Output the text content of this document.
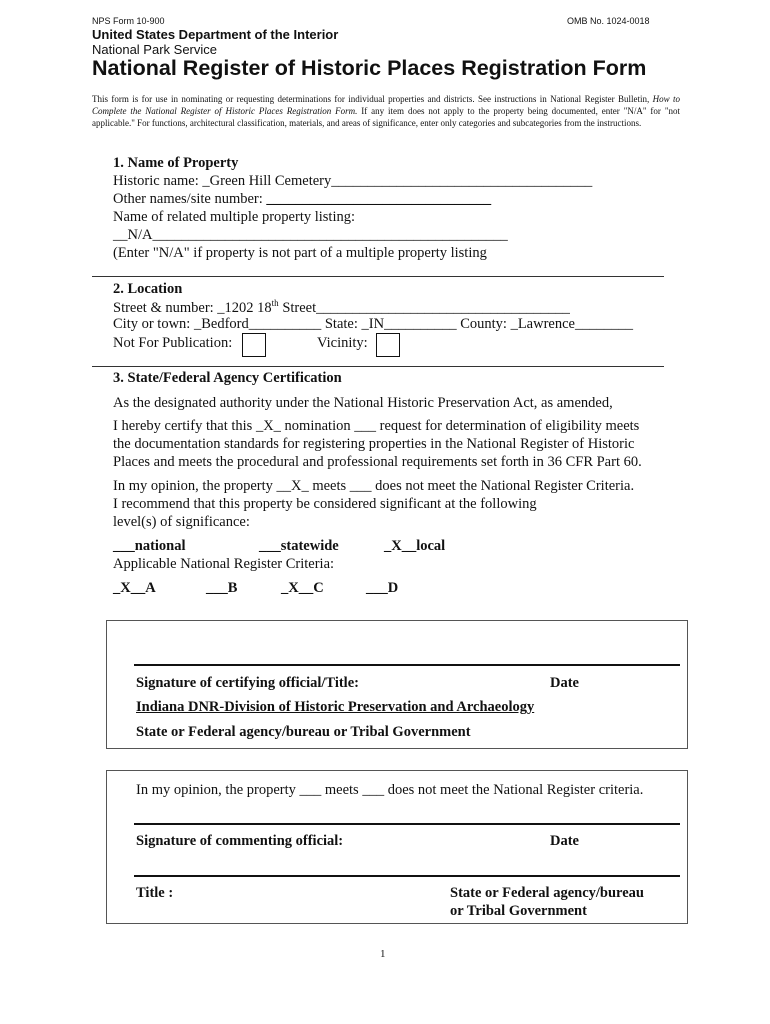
NPS Form 10-900	OMB No. 1024-0018
United States Department of the Interior
National Park Service
National Register of Historic Places Registration Form
This form is for use in nominating or requesting determinations for individual properties and districts. See instructions in National Register Bulletin, How to Complete the National Register of Historic Places Registration Form. If any item does not apply to the property being documented, enter "N/A" for "not applicable." For functions, architectural classification, materials, and areas of significance, enter only categories and subcategories from the instructions.
1. Name of Property
Historic name: _Green Hill Cemetery____________________________________
Other names/site number: _______________________________
Name of related multiple property listing:
__N/A_________________________________________________
(Enter "N/A" if property is not part of a multiple property listing
2. Location
Street & number: _1202 18th Street___________________________________
City or town: _Bedford__________ State: _IN__________ County: _Lawrence________
Not For Publication:	Vicinity:
3. State/Federal Agency Certification
As the designated authority under the National Historic Preservation Act, as amended,
I hereby certify that this _X_ nomination ___ request for determination of eligibility meets
the documentation standards for registering properties in the National Register of Historic
Places and meets the procedural and professional requirements set forth in 36 CFR Part 60.
In my opinion, the property __X_ meets ___ does not meet the National Register Criteria.
I recommend that this property be considered significant at the following
level(s) of significance:
___national	___statewide	_X__local
Applicable National Register Criteria:
_X__A	___B	_X__C	___D
Signature of certifying official/Title:	Date
Indiana DNR-Division of Historic Preservation and Archaeology
State or Federal agency/bureau or Tribal Government
In my opinion, the property ___ meets ___ does not meet the National Register criteria.
Signature of commenting official:	Date
Title :	State or Federal agency/bureau
or Tribal Government
1
